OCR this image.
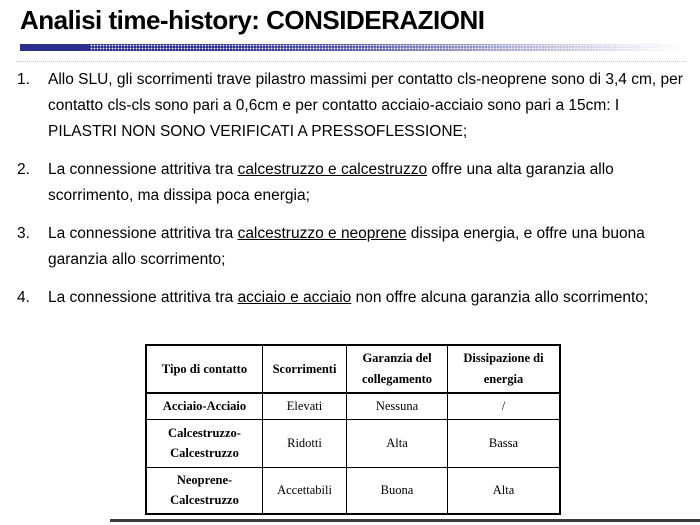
Analisi time-history: CONSIDERAZIONI
1.	Allo SLU, gli scorrimenti trave pilastro massimi per contatto cls-neoprene sono di 3,4 cm, per contatto cls-cls sono pari a 0,6cm e per contatto acciaio-acciaio sono pari a 15cm: I PILASTRI NON SONO VERIFICATI A PRESSOFLESSIONE;
2.	La connessione attritiva tra calcestruzzo e calcestruzzo offre una alta garanzia allo scorrimento, ma dissipa poca energia;
3.	La connessione attritiva tra calcestruzzo e neoprene dissipa energia, e offre una buona garanzia allo scorrimento;
4.	La connessione attritiva tra acciaio e acciaio non offre alcuna garanzia allo scorrimento;
Tipo di contatto	Scorrimenti	Garanzia del collegamento	Dissipazione di energia
Acciaio-Acciaio	Elevati	Nessuna	/
Calcestruzzo-Calcestruzzo	Ridotti	Alta	Bassa
Neoprene-Calcestruzzo	Accettabili	Buona	Alta
